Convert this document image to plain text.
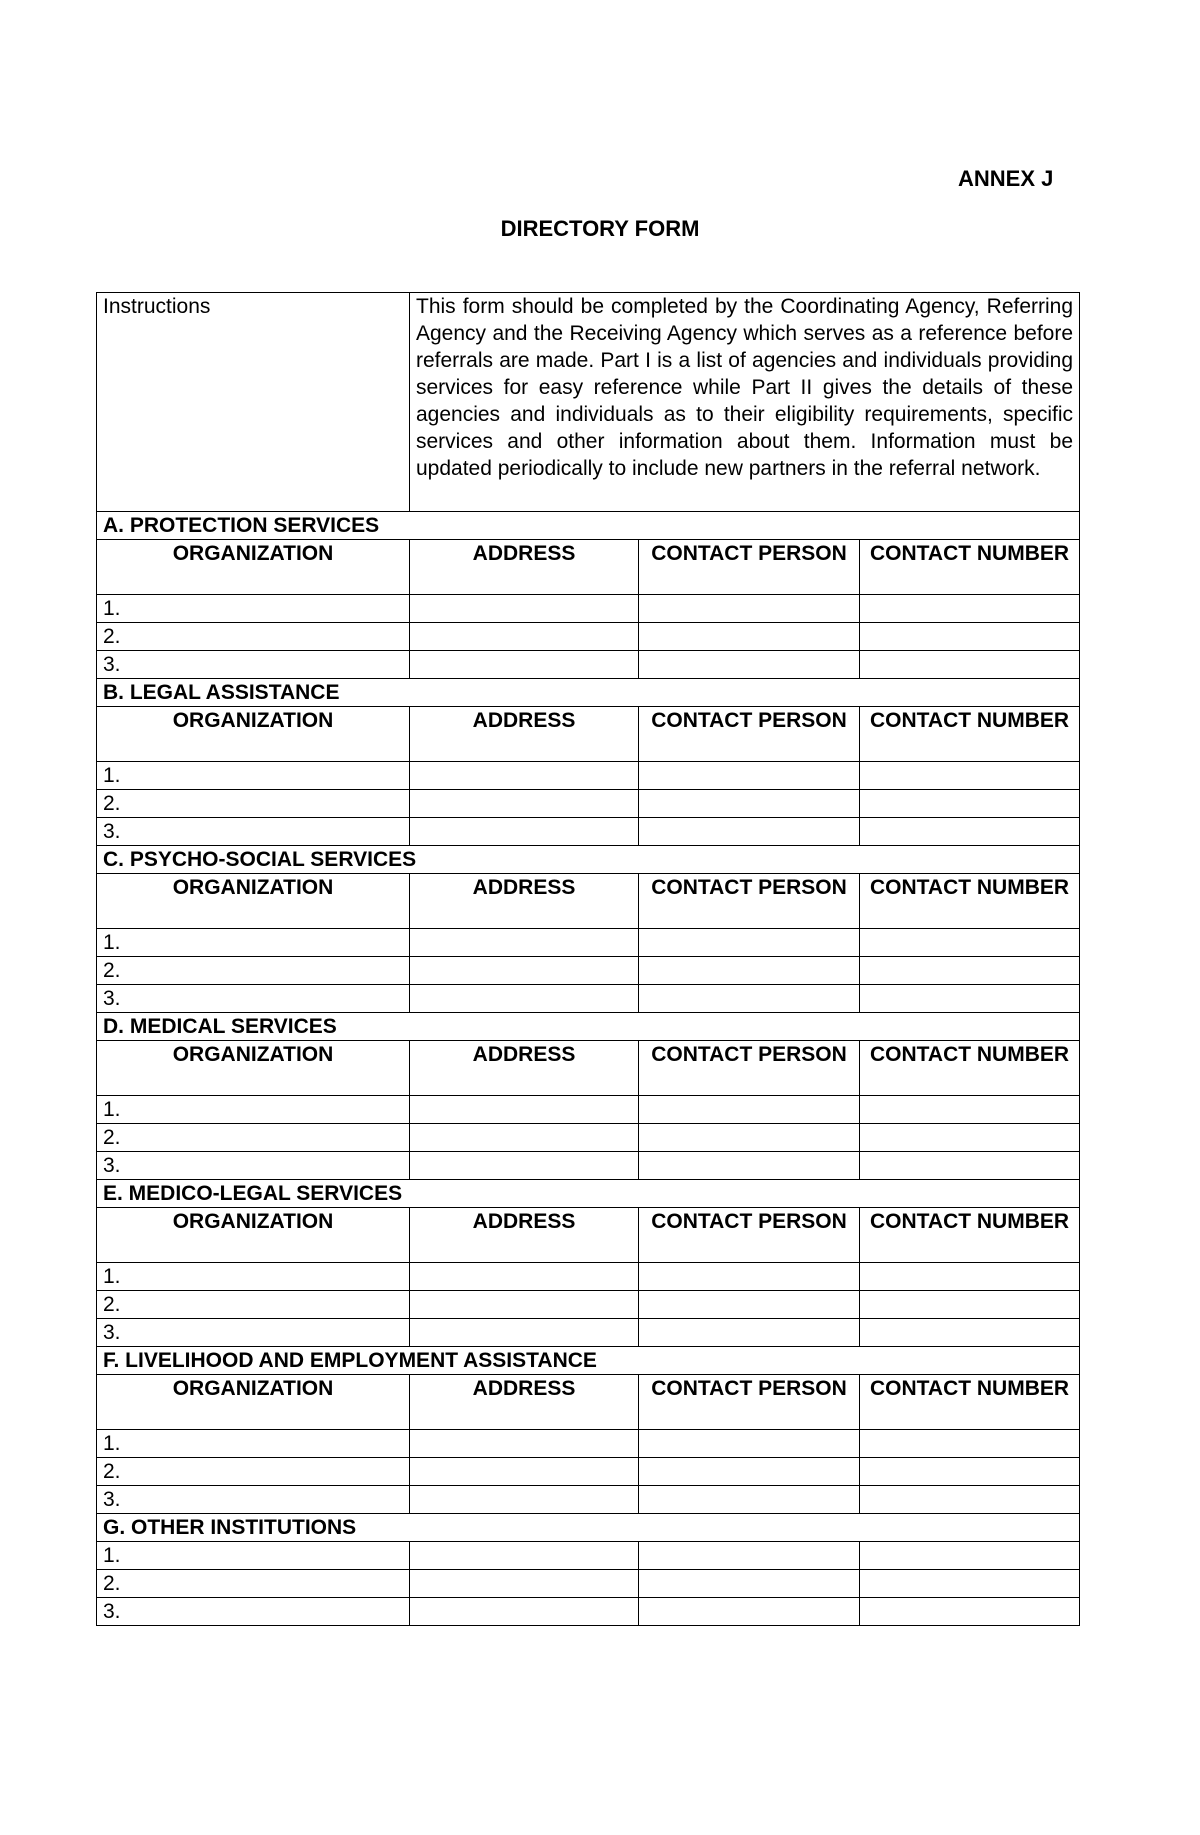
ANNEX J
DIRECTORY FORM
Instructions	This form should be completed by the Coordinating Agency, Referring Agency and the Receiving Agency which serves as a reference before referrals are made. Part I is a list of agencies and individuals providing services for easy reference while Part II gives the details of these agencies and individuals as to their eligibility requirements, specific services and other information about them. Information must be updated periodically to include new partners in the referral network.		
A. PROTECTION SERVICES			
ORGANIZATION	ADDRESS	CONTACT PERSON	CONTACT NUMBER
1.			
2.			
3.			
B. LEGAL ASSISTANCE			
ORGANIZATION	ADDRESS	CONTACT PERSON	CONTACT NUMBER
1.			
2.			
3.			
C. PSYCHO-SOCIAL SERVICES			
ORGANIZATION	ADDRESS	CONTACT PERSON	CONTACT NUMBER
1.			
2.			
3.			
D. MEDICAL SERVICES			
ORGANIZATION	ADDRESS	CONTACT PERSON	CONTACT NUMBER
1.			
2.			
3.			
E. MEDICO-LEGAL SERVICES			
ORGANIZATION	ADDRESS	CONTACT PERSON	CONTACT NUMBER
1.			
2.			
3.			
F. LIVELIHOOD AND EMPLOYMENT ASSISTANCE			
ORGANIZATION	ADDRESS	CONTACT PERSON	CONTACT NUMBER
1.			
2.			
3.			
G. OTHER INSTITUTIONS			
1.			
2.			
3.			
